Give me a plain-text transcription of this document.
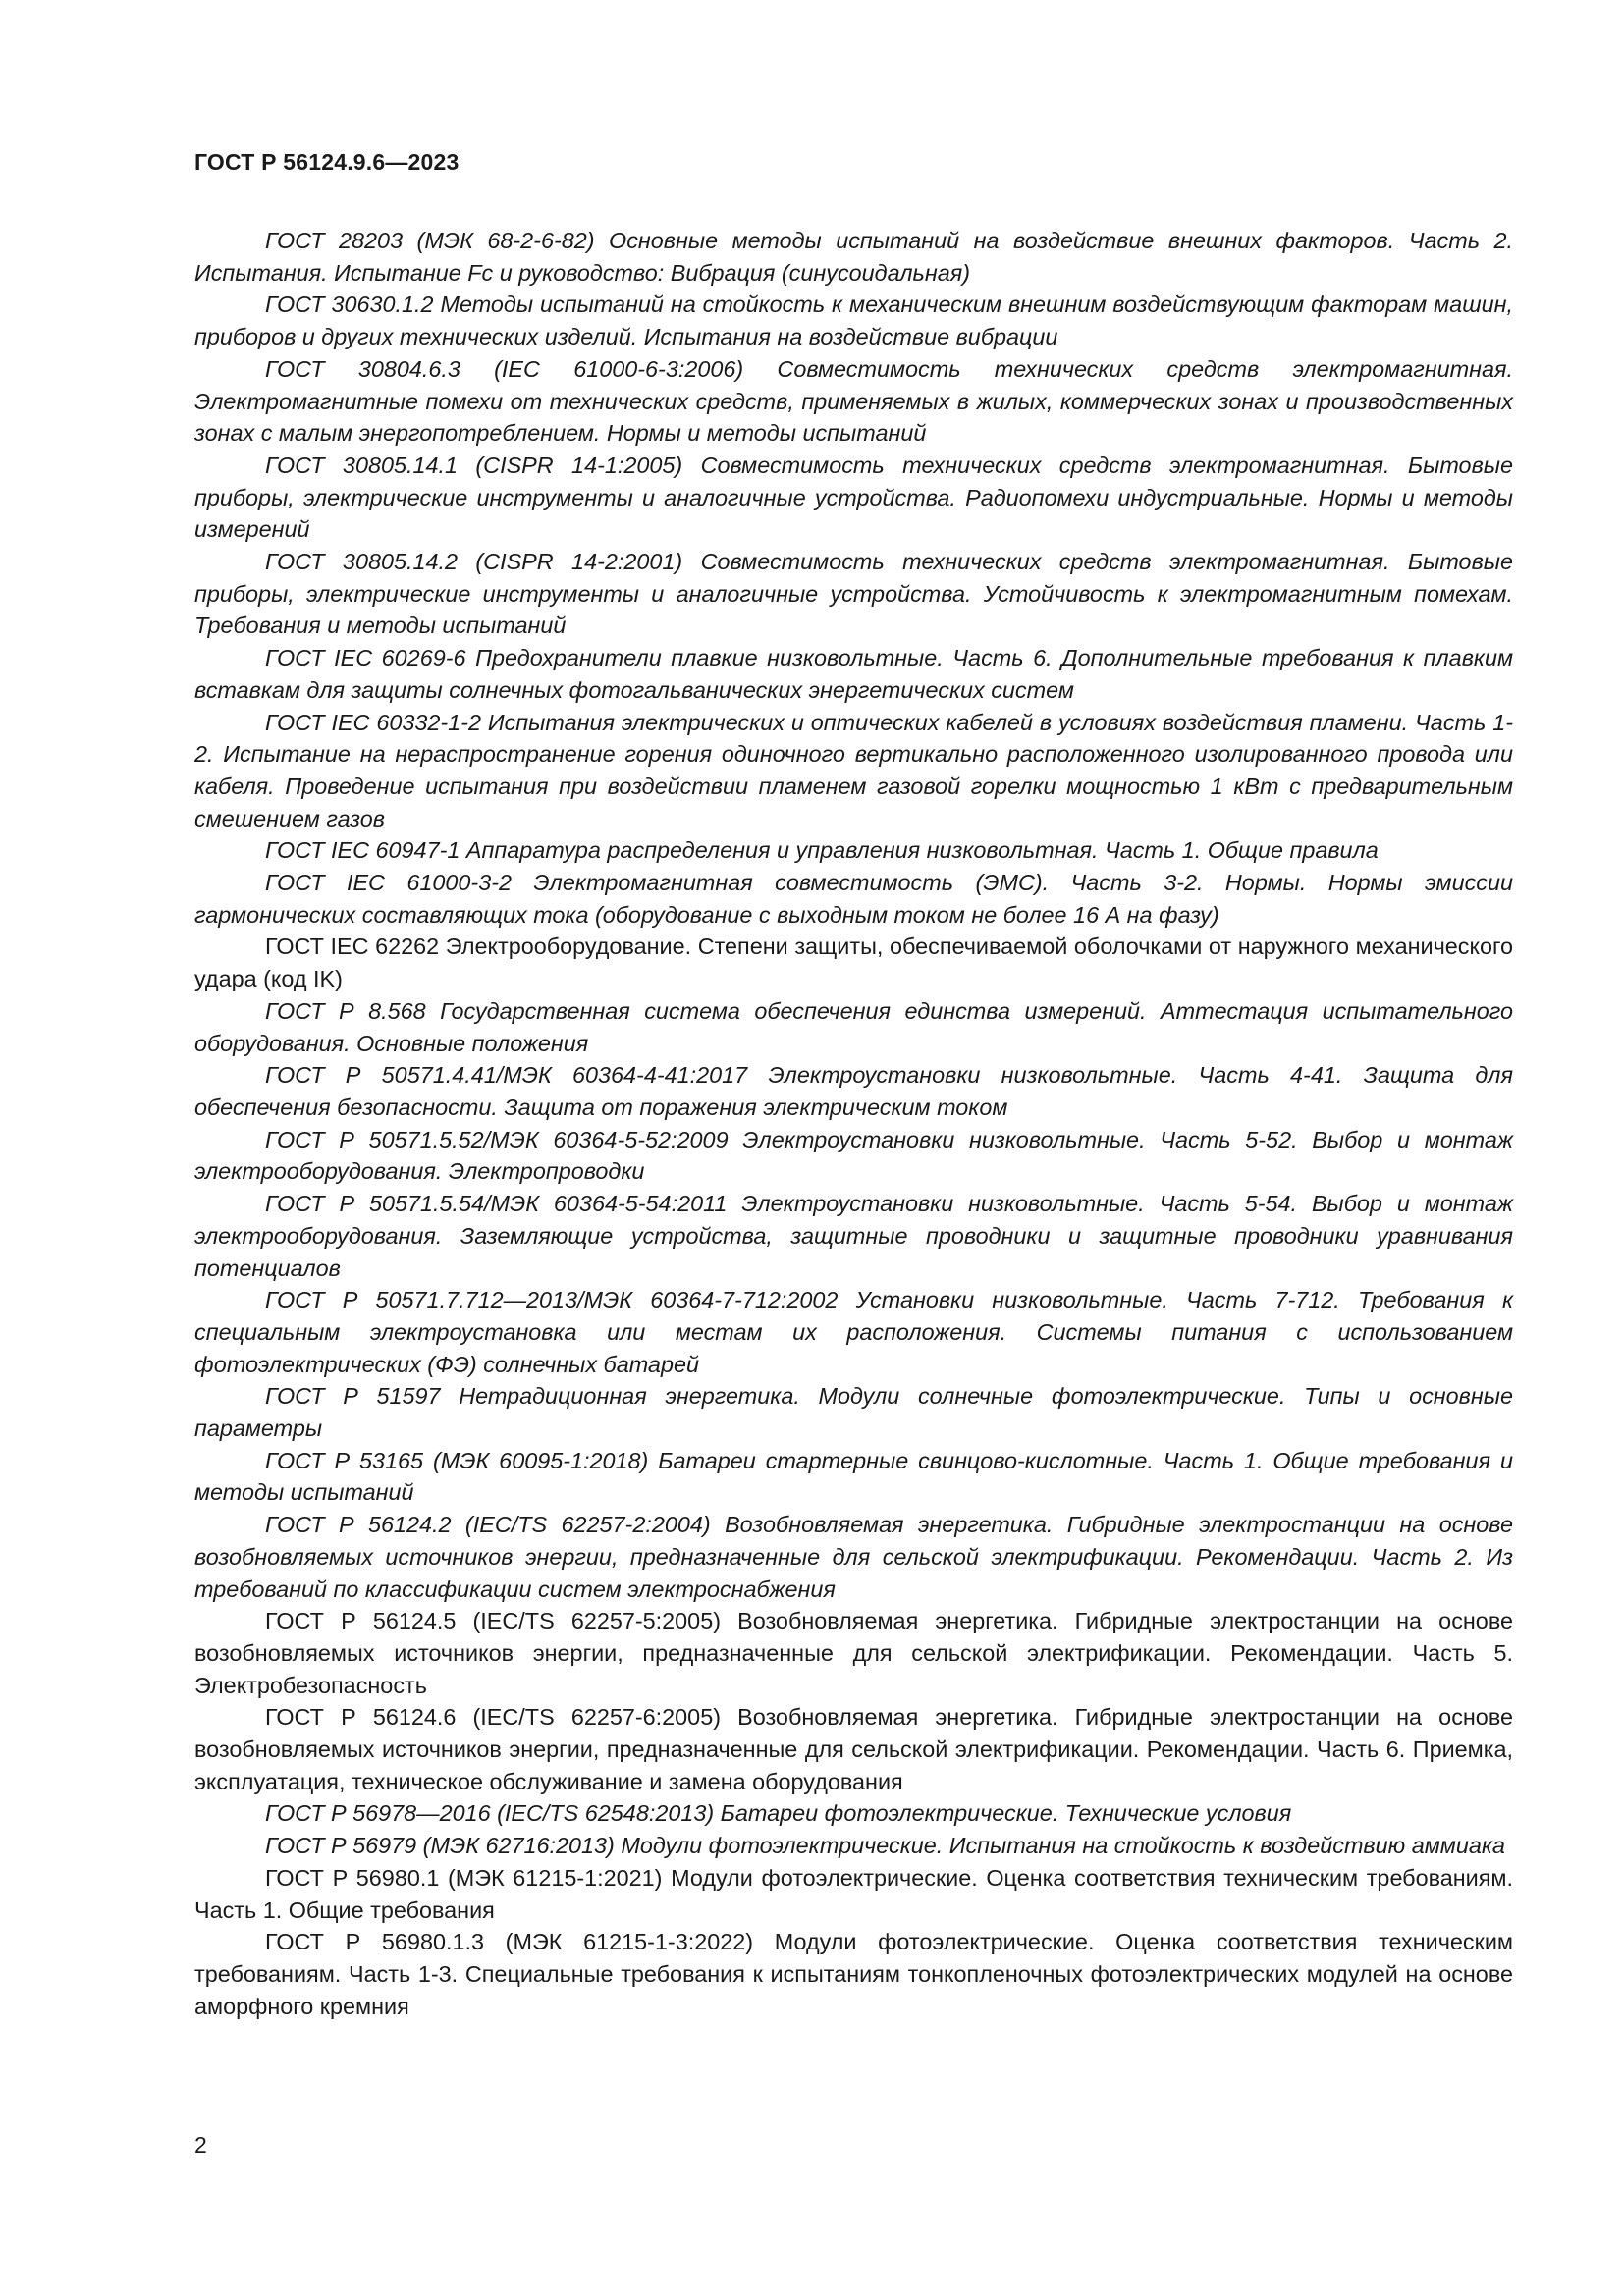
ГОСТ Р 56124.9.6—2023

ГОСТ 28203 (МЭК 68-2-6-82) Основные методы испытаний на воздействие внешних факторов. Часть 2. Испытания. Испытание Fc и руководство: Вибрация (синусоидальная)

ГОСТ 30630.1.2 Методы испытаний на стойкость к механическим внешним воздействующим факторам машин, приборов и других технических изделий. Испытания на воздействие вибрации

ГОСТ 30804.6.3 (IEC 61000-6-3:2006) Совместимость технических средств электромагнитная. Электромагнитные помехи от технических средств, применяемых в жилых, коммерческих зонах и производственных зонах с малым энергопотреблением. Нормы и методы испытаний

ГОСТ 30805.14.1 (CISPR 14-1:2005) Совместимость технических средств электромагнитная. Бытовые приборы, электрические инструменты и аналогичные устройства. Радиопомехи индустриальные. Нормы и методы измерений

ГОСТ 30805.14.2 (CISPR 14-2:2001) Совместимость технических средств электромагнитная. Бытовые приборы, электрические инструменты и аналогичные устройства. Устойчивость к электромагнитным помехам. Требования и методы испытаний

ГОСТ IEC 60269-6 Предохранители плавкие низковольтные. Часть 6. Дополнительные требования к плавким вставкам для защиты солнечных фотогальванических энергетических систем

ГОСТ IEC 60332-1-2 Испытания электрических и оптических кабелей в условиях воздействия пламени. Часть 1-2. Испытание на нераспространение горения одиночного вертикально расположенного изолированного провода или кабеля. Проведение испытания при воздействии пламенем газовой горелки мощностью 1 кВт с предварительным смешением газов

ГОСТ IEC 60947-1 Аппаратура распределения и управления низковольтная. Часть 1. Общие правила

ГОСТ IEC 61000-3-2 Электромагнитная совместимость (ЭМС). Часть 3-2. Нормы. Нормы эмиссии гармонических составляющих тока (оборудование с выходным током не более 16 А на фазу)

ГОСТ IEC 62262 Электрооборудование. Степени защиты, обеспечиваемой оболочками от наружного механического удара (код IK)

ГОСТ Р 8.568 Государственная система обеспечения единства измерений. Аттестация испытательного оборудования. Основные положения

ГОСТ Р 50571.4.41/МЭК 60364-4-41:2017 Электроустановки низковольтные. Часть 4-41. Защита для обеспечения безопасности. Защита от поражения электрическим током

ГОСТ Р 50571.5.52/МЭК 60364-5-52:2009 Электроустановки низковольтные. Часть 5-52. Выбор и монтаж электрооборудования. Электропроводки

ГОСТ Р 50571.5.54/МЭК 60364-5-54:2011 Электроустановки низковольтные. Часть 5-54. Выбор и монтаж электрооборудования. Заземляющие устройства, защитные проводники и защитные проводники уравнивания потенциалов

ГОСТ Р 50571.7.712—2013/МЭК 60364-7-712:2002 Установки низковольтные. Часть 7-712. Требования к специальным электроустановка или местам их расположения. Системы питания с использованием фотоэлектрических (ФЭ) солнечных батарей

ГОСТ Р 51597 Нетрадиционная энергетика. Модули солнечные фотоэлектрические. Типы и основные параметры

ГОСТ Р 53165 (МЭК 60095-1:2018) Батареи стартерные свинцово-кислотные. Часть 1. Общие требования и методы испытаний

ГОСТ Р 56124.2 (IEC/TS 62257-2:2004) Возобновляемая энергетика. Гибридные электростанции на основе возобновляемых источников энергии, предназначенные для сельской электрификации. Рекомендации. Часть 2. Из требований по классификации систем электроснабжения

ГОСТ Р 56124.5 (IEC/TS 62257-5:2005) Возобновляемая энергетика. Гибридные электростанции на основе возобновляемых источников энергии, предназначенные для сельской электрификации. Рекомендации. Часть 5. Электробезопасность

ГОСТ Р 56124.6 (IEC/TS 62257-6:2005) Возобновляемая энергетика. Гибридные электростанции на основе возобновляемых источников энергии, предназначенные для сельской электрификации. Рекомендации. Часть 6. Приемка, эксплуатация, техническое обслуживание и замена оборудования

ГОСТ Р 56978—2016 (IEC/TS 62548:2013) Батареи фотоэлектрические. Технические условия

ГОСТ Р 56979 (МЭК 62716:2013) Модули фотоэлектрические. Испытания на стойкость к воздействию аммиака

ГОСТ Р 56980.1 (МЭК 61215-1:2021) Модули фотоэлектрические. Оценка соответствия техническим требованиям. Часть 1. Общие требования

ГОСТ Р 56980.1.3 (МЭК 61215-1-3:2022) Модули фотоэлектрические. Оценка соответствия техническим требованиям. Часть 1-3. Специальные требования к испытаниям тонкопленочных фотоэлектрических модулей на основе аморфного кремния

2
